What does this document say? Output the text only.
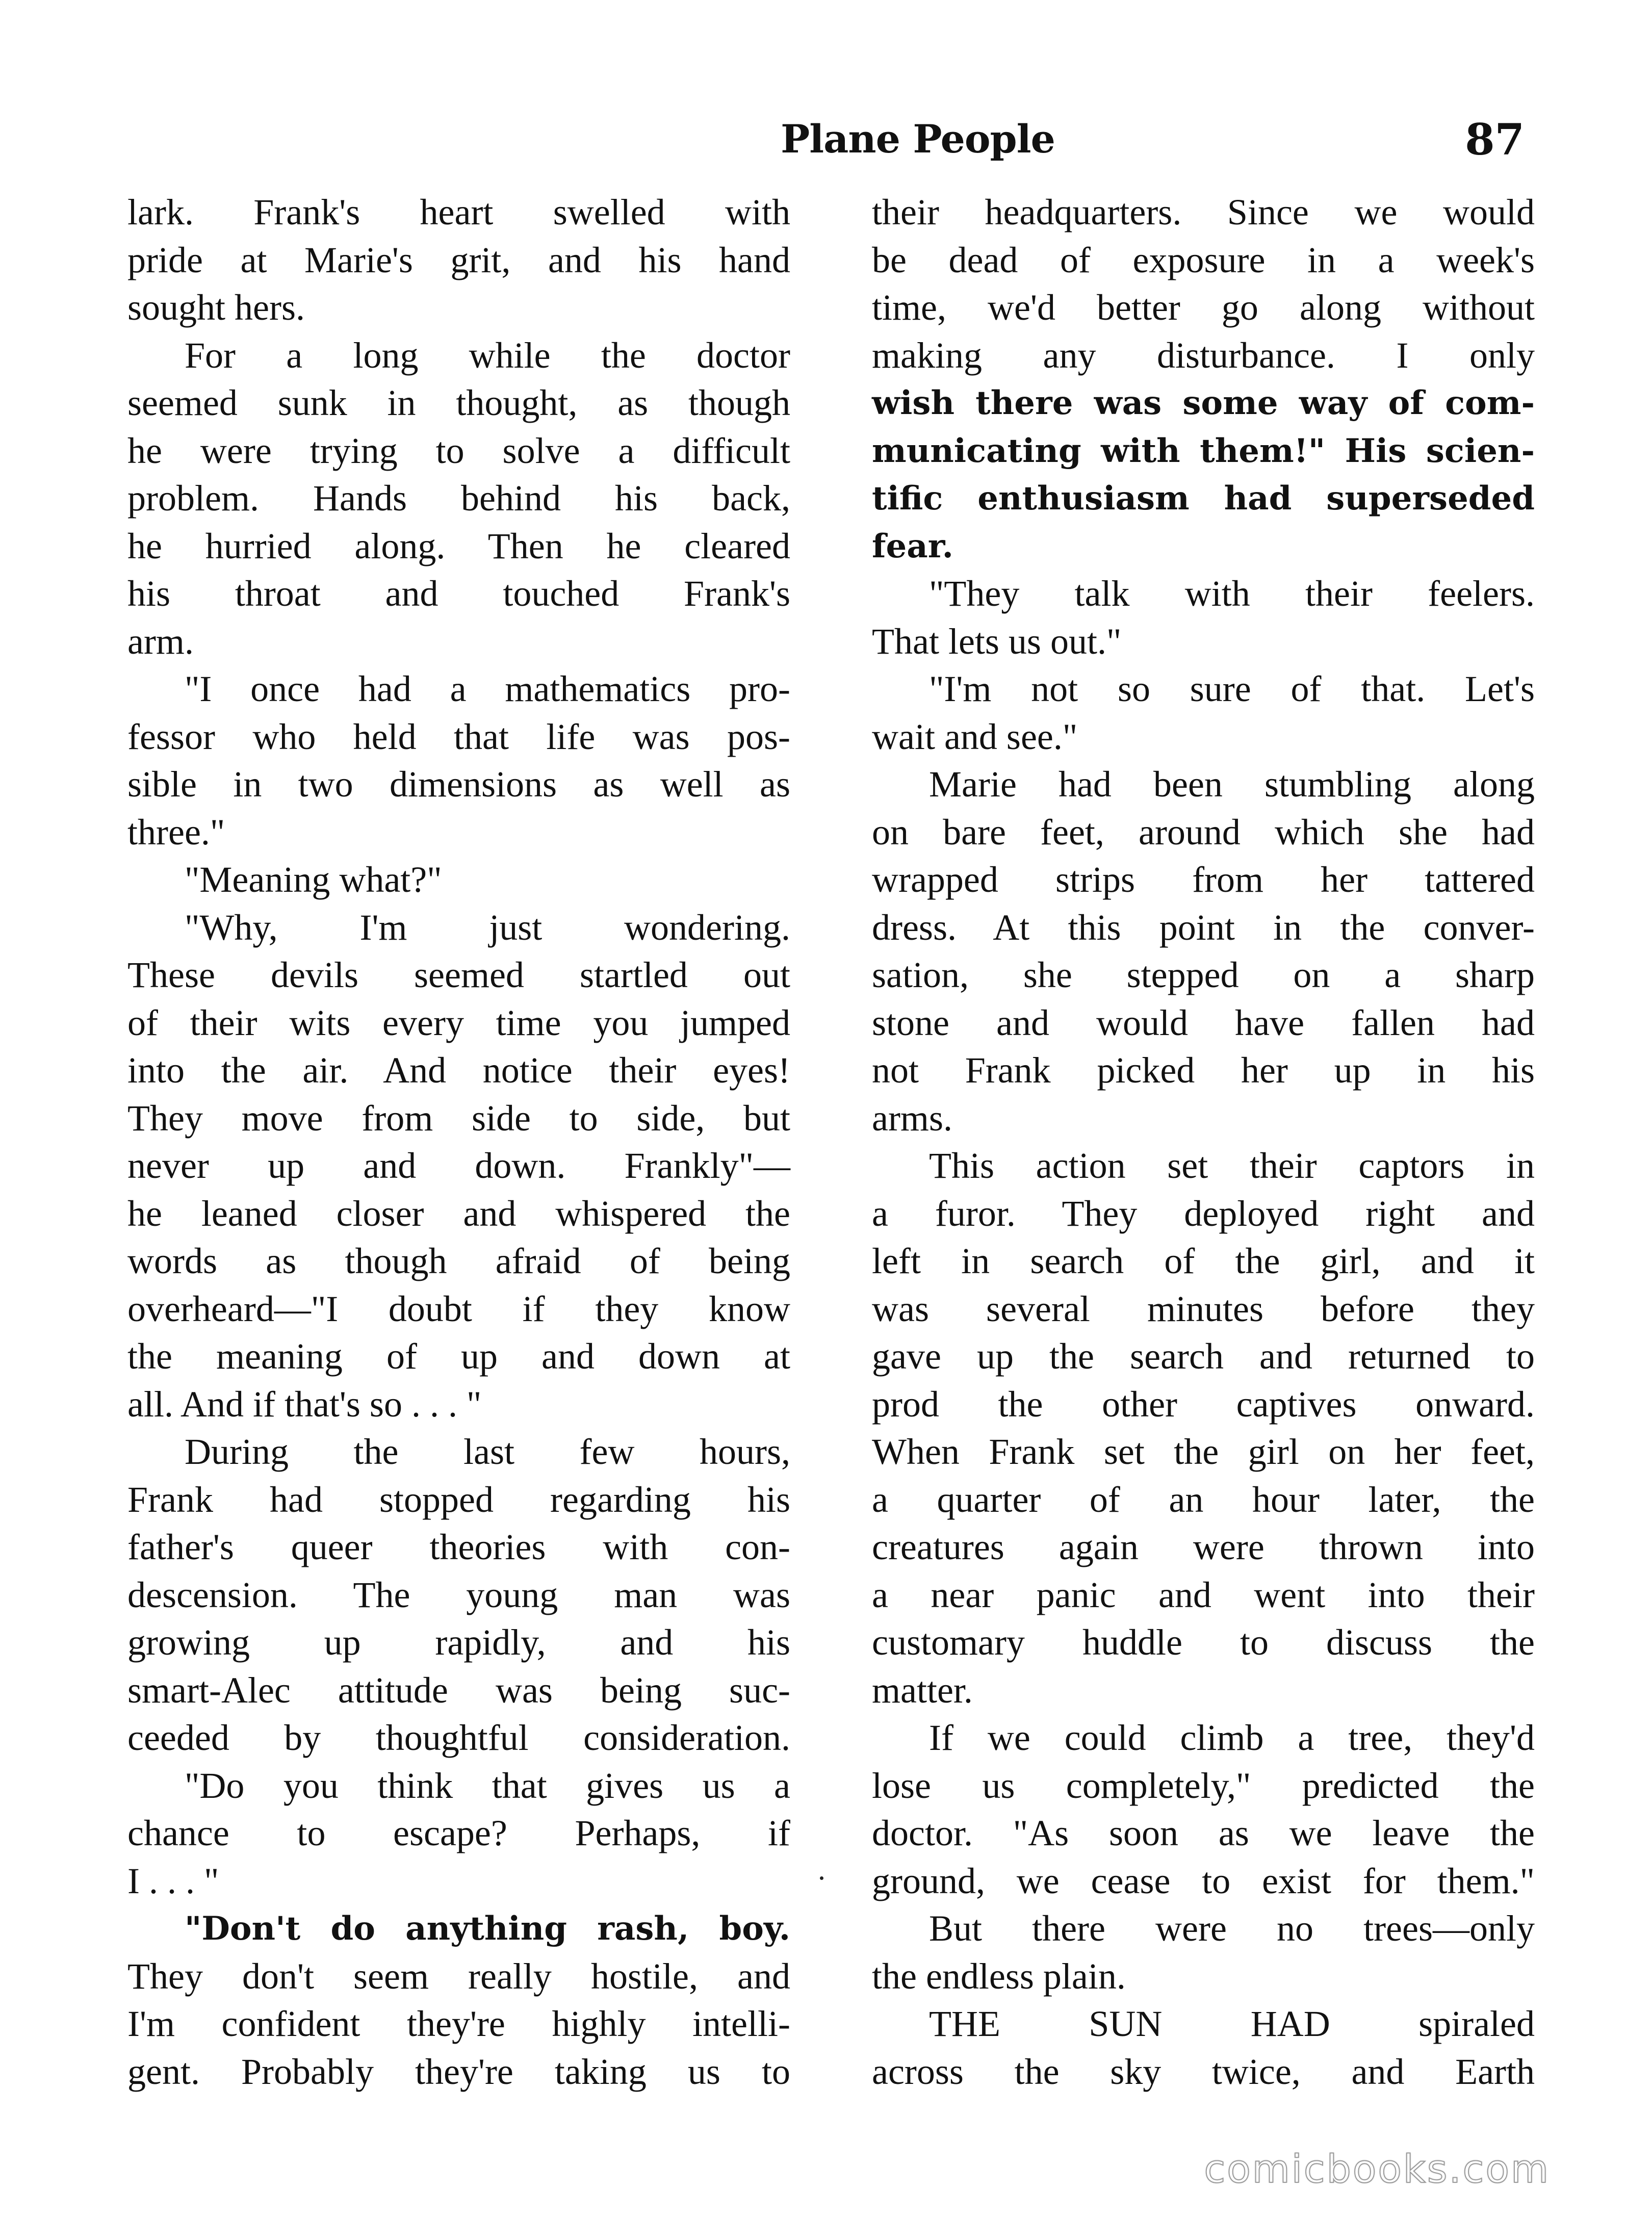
Plane People	87
lark. Frank's heart swelled with
pride at Marie's grit, and his hand
sought hers.
For a long while the doctor
seemed sunk in thought, as though
he were trying to solve a difficult
problem. Hands behind his back,
he hurried along. Then he cleared
his throat and touched Frank's
arm.
"I once had a mathematics pro-
fessor who held that life was pos-
sible in two dimensions as well as
three."
"Meaning what?"
"Why, I'm just wondering.
These devils seemed startled out
of their wits every time you jumped
into the air. And notice their eyes!
They move from side to side, but
never up and down. Frankly"—
he leaned closer and whispered the
words as though afraid of being
overheard—"I doubt if they know
the meaning of up and down at
all. And if that's so . . . "
During the last few hours,
Frank had stopped regarding his
father's queer theories with con-
descension. The young man was
growing up rapidly, and his
smart-Alec attitude was being suc-
ceeded by thoughtful consideration.
"Do you think that gives us a
chance to escape? Perhaps, if
I . . . "
"Don't do anything rash, boy.
They don't seem really hostile, and
I'm confident they're highly intelli-
gent. Probably they're taking us to
their headquarters. Since we would
be dead of exposure in a week's
time, we'd better go along without
making any disturbance. I only
wish there was some way of com-
municating with them!" His scien-
tific enthusiasm had superseded
fear.
"They talk with their feelers.
That lets us out."
"I'm not so sure of that. Let's
wait and see."
Marie had been stumbling along
on bare feet, around which she had
wrapped strips from her tattered
dress. At this point in the conver-
sation, she stepped on a sharp
stone and would have fallen had
not Frank picked her up in his
arms.
This action set their captors in
a furor. They deployed right and
left in search of the girl, and it
was several minutes before they
gave up the search and returned to
prod the other captives onward.
When Frank set the girl on her feet,
a quarter of an hour later, the
creatures again were thrown into
a near panic and went into their
customary huddle to discuss the
matter.
If we could climb a tree, they'd
lose us completely," predicted the
doctor. "As soon as we leave the
ground, we cease to exist for them."
But there were no trees—only
the endless plain.
THE SUN HAD spiraled
across the sky twice, and Earth
comicbooks.com
